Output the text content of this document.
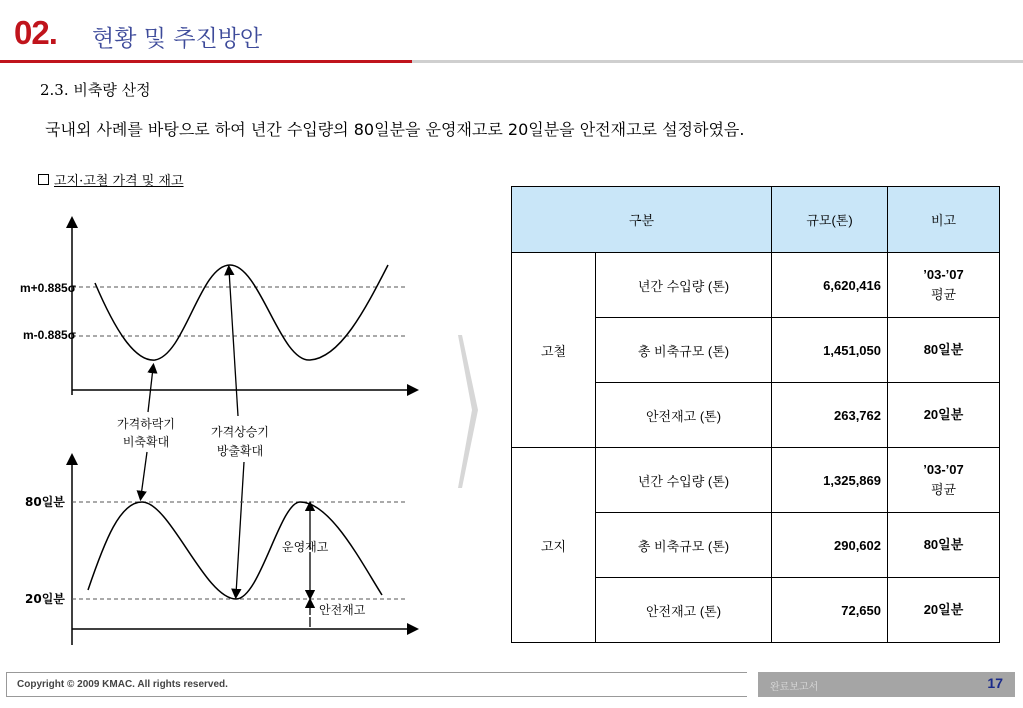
02. 현황 및 추진방안
2.3. 비축량 산정
국내외 사례를 바탕으로 하여 년간 수입량의 80일분을 운영재고로 20일분을 안전재고로 설정하였음.
고지·고철 가격 및 재고
m+0.885σ
m-0.885σ
가격하락기
비축확대
가격상승기
방출확대
80일분
20일분
운영재고
안전재고
구분		규모(톤)	비고
고철	년간 수입량 (톤)	6,620,416	’03-’07
평균

	총 비축규모 (톤)	1,451,050	80일분
	안전재고 (톤)	263,762	20일분
고지	년간 수입량 (톤)	1,325,869	’03-’07
평균

	총 비축규모 (톤)	290,602	80일분
	안전재고 (톤)	72,650	20일분
Copyright © 2009 KMAC. All rights reserved.	완료보고서	17
